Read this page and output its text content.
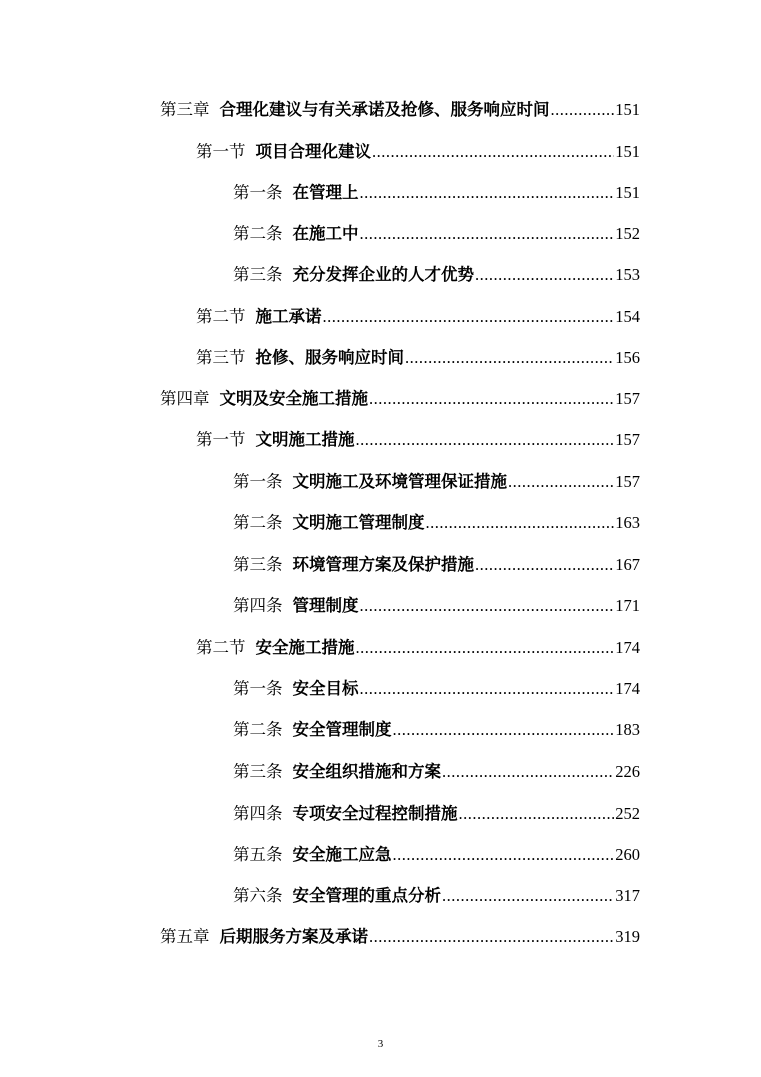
第三章 合理化建议与有关承诺及抢修、服务响应时间 .....	151
第一节 项目合理化建议 .....	151
第一条 在管理上 .....	151
第二条 在施工中 .....	152
第三条 充分发挥企业的人才优势 .....	153
第二节 施工承诺 .....	154
第三节 抢修、服务响应时间 .....	156
第四章 文明及安全施工措施 .....	157
第一节 文明施工措施 .....	157
第一条 文明施工及环境管理保证措施 .....	157
第二条 文明施工管理制度 .....	163
第三条 环境管理方案及保护措施 .....	167
第四条 管理制度 .....	171
第二节 安全施工措施 .....	174
第一条 安全目标 .....	174
第二条 安全管理制度 .....	183
第三条 安全组织措施和方案 .....	226
第四条 专项安全过程控制措施 .....	252
第五条 安全施工应急 .....	260
第六条 安全管理的重点分析 .....	317
第五章 后期服务方案及承诺 .....	319
3
